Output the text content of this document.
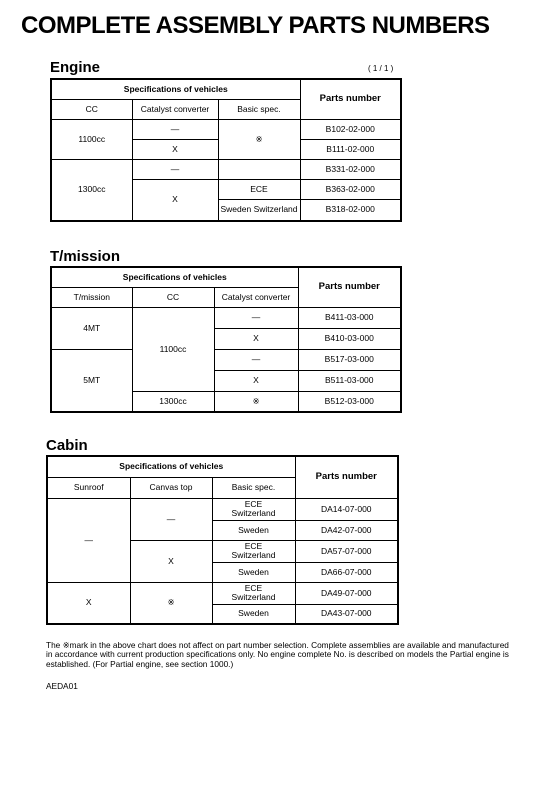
COMPLETE ASSEMBLY PARTS NUMBERS
Engine	( 1 / 1 )
Specifications of vehicles			Parts number
CC	Catalyst converter	Basic spec.	
1100cc	—	※	B102-02-000
	X		B111-02-000
1300cc	—		B331-02-000
	X	ECE	B363-02-000
		Sweden Switzerland	B318-02-000
T/mission
Specifications of vehicles			Parts number
T/mission	CC	Catalyst converter	
4MT	1100cc	—	B411-03-000
		X	B410-03-000
5MT		—	B517-03-000
		X	B511-03-000
	1300cc	※	B512-03-000
Cabin
Specifications of vehicles			Parts number
Sunroof	Canvas top	Basic spec.	
—	—	ECE Switzerland	DA14-07-000
		Sweden	DA42-07-000
	X	ECE Switzerland	DA57-07-000
		Sweden	DA66-07-000
X	※	ECE Switzerland	DA49-07-000
		Sweden	DA43-07-000
The ※mark in the above chart does not affect on part number selection. Complete assemblies are available and manufactured in accordance with current production specifications only. No engine complete No. is described on models the Partial engine is established. (For Partial engine, see section 1000.)
AEDA01
